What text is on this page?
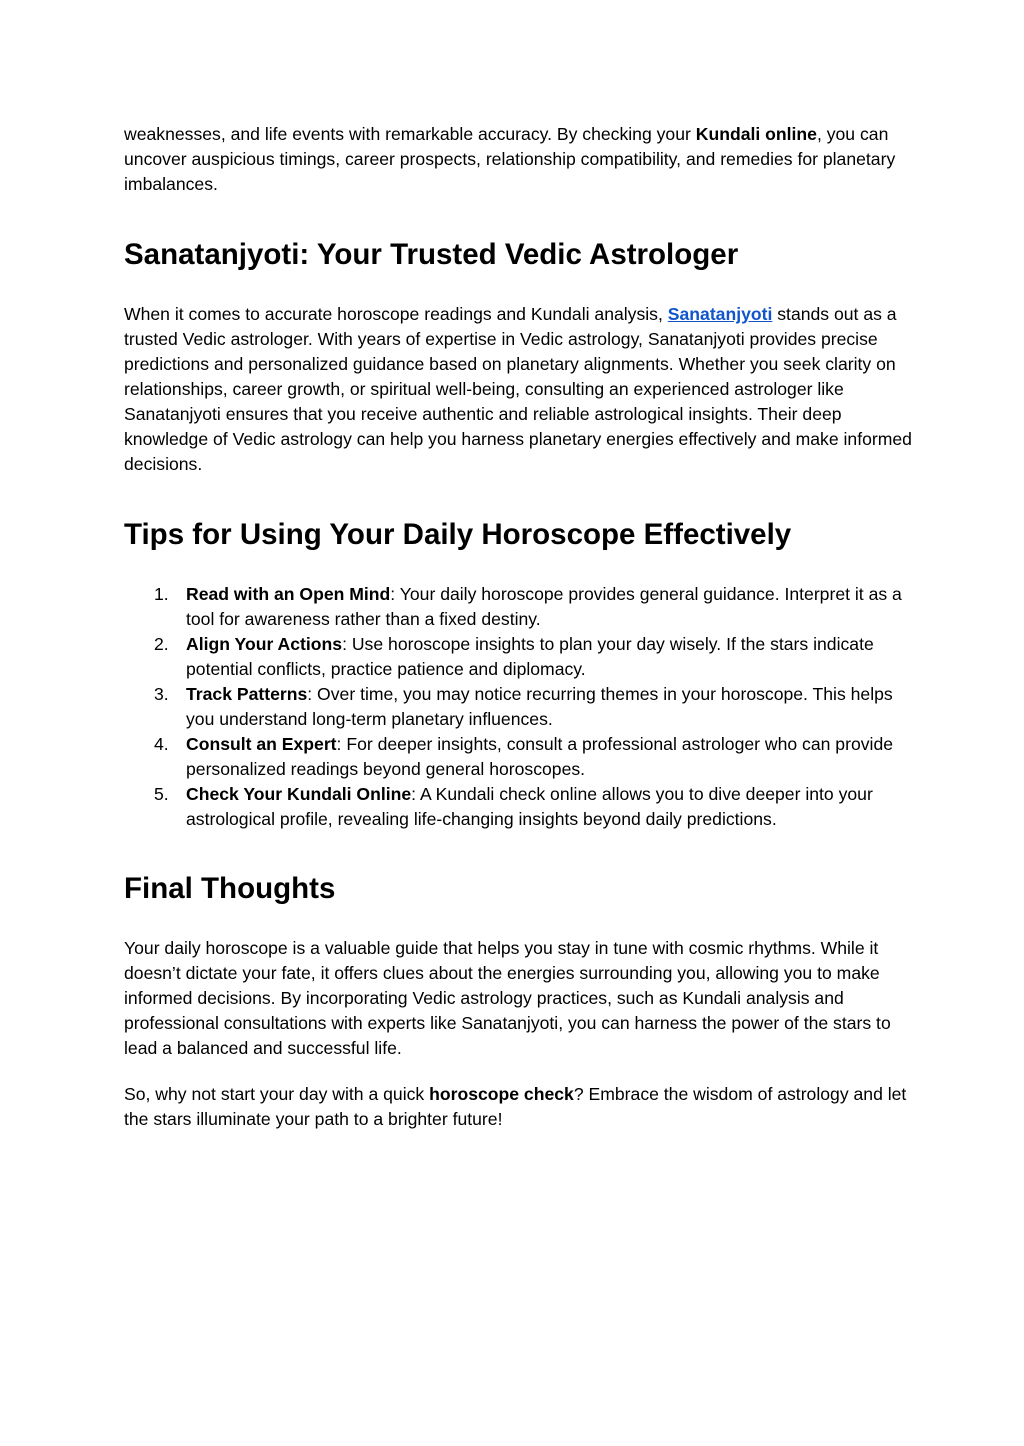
weaknesses, and life events with remarkable accuracy. By checking your Kundali online, you can uncover auspicious timings, career prospects, relationship compatibility, and remedies for planetary imbalances.

Sanatanjyoti: Your Trusted Vedic Astrologer

When it comes to accurate horoscope readings and Kundali analysis, Sanatanjyoti stands out as a trusted Vedic astrologer. With years of expertise in Vedic astrology, Sanatanjyoti provides precise predictions and personalized guidance based on planetary alignments. Whether you seek clarity on relationships, career growth, or spiritual well-being, consulting an experienced astrologer like Sanatanjyoti ensures that you receive authentic and reliable astrological insights. Their deep knowledge of Vedic astrology can help you harness planetary energies effectively and make informed decisions.

Tips for Using Your Daily Horoscope Effectively
1. Read with an Open Mind: Your daily horoscope provides general guidance. Interpret it as a tool for awareness rather than a fixed destiny.
2. Align Your Actions: Use horoscope insights to plan your day wisely. If the stars indicate potential conflicts, practice patience and diplomacy.
3. Track Patterns: Over time, you may notice recurring themes in your horoscope. This helps you understand long-term planetary influences.
4. Consult an Expert: For deeper insights, consult a professional astrologer who can provide personalized readings beyond general horoscopes.
5. Check Your Kundali Online: A Kundali check online allows you to dive deeper into your astrological profile, revealing life-changing insights beyond daily predictions.
Final Thoughts

Your daily horoscope is a valuable guide that helps you stay in tune with cosmic rhythms. While it doesn’t dictate your fate, it offers clues about the energies surrounding you, allowing you to make informed decisions. By incorporating Vedic astrology practices, such as Kundali analysis and professional consultations with experts like Sanatanjyoti, you can harness the power of the stars to lead a balanced and successful life.

So, why not start your day with a quick horoscope check? Embrace the wisdom of astrology and let the stars illuminate your path to a brighter future!
